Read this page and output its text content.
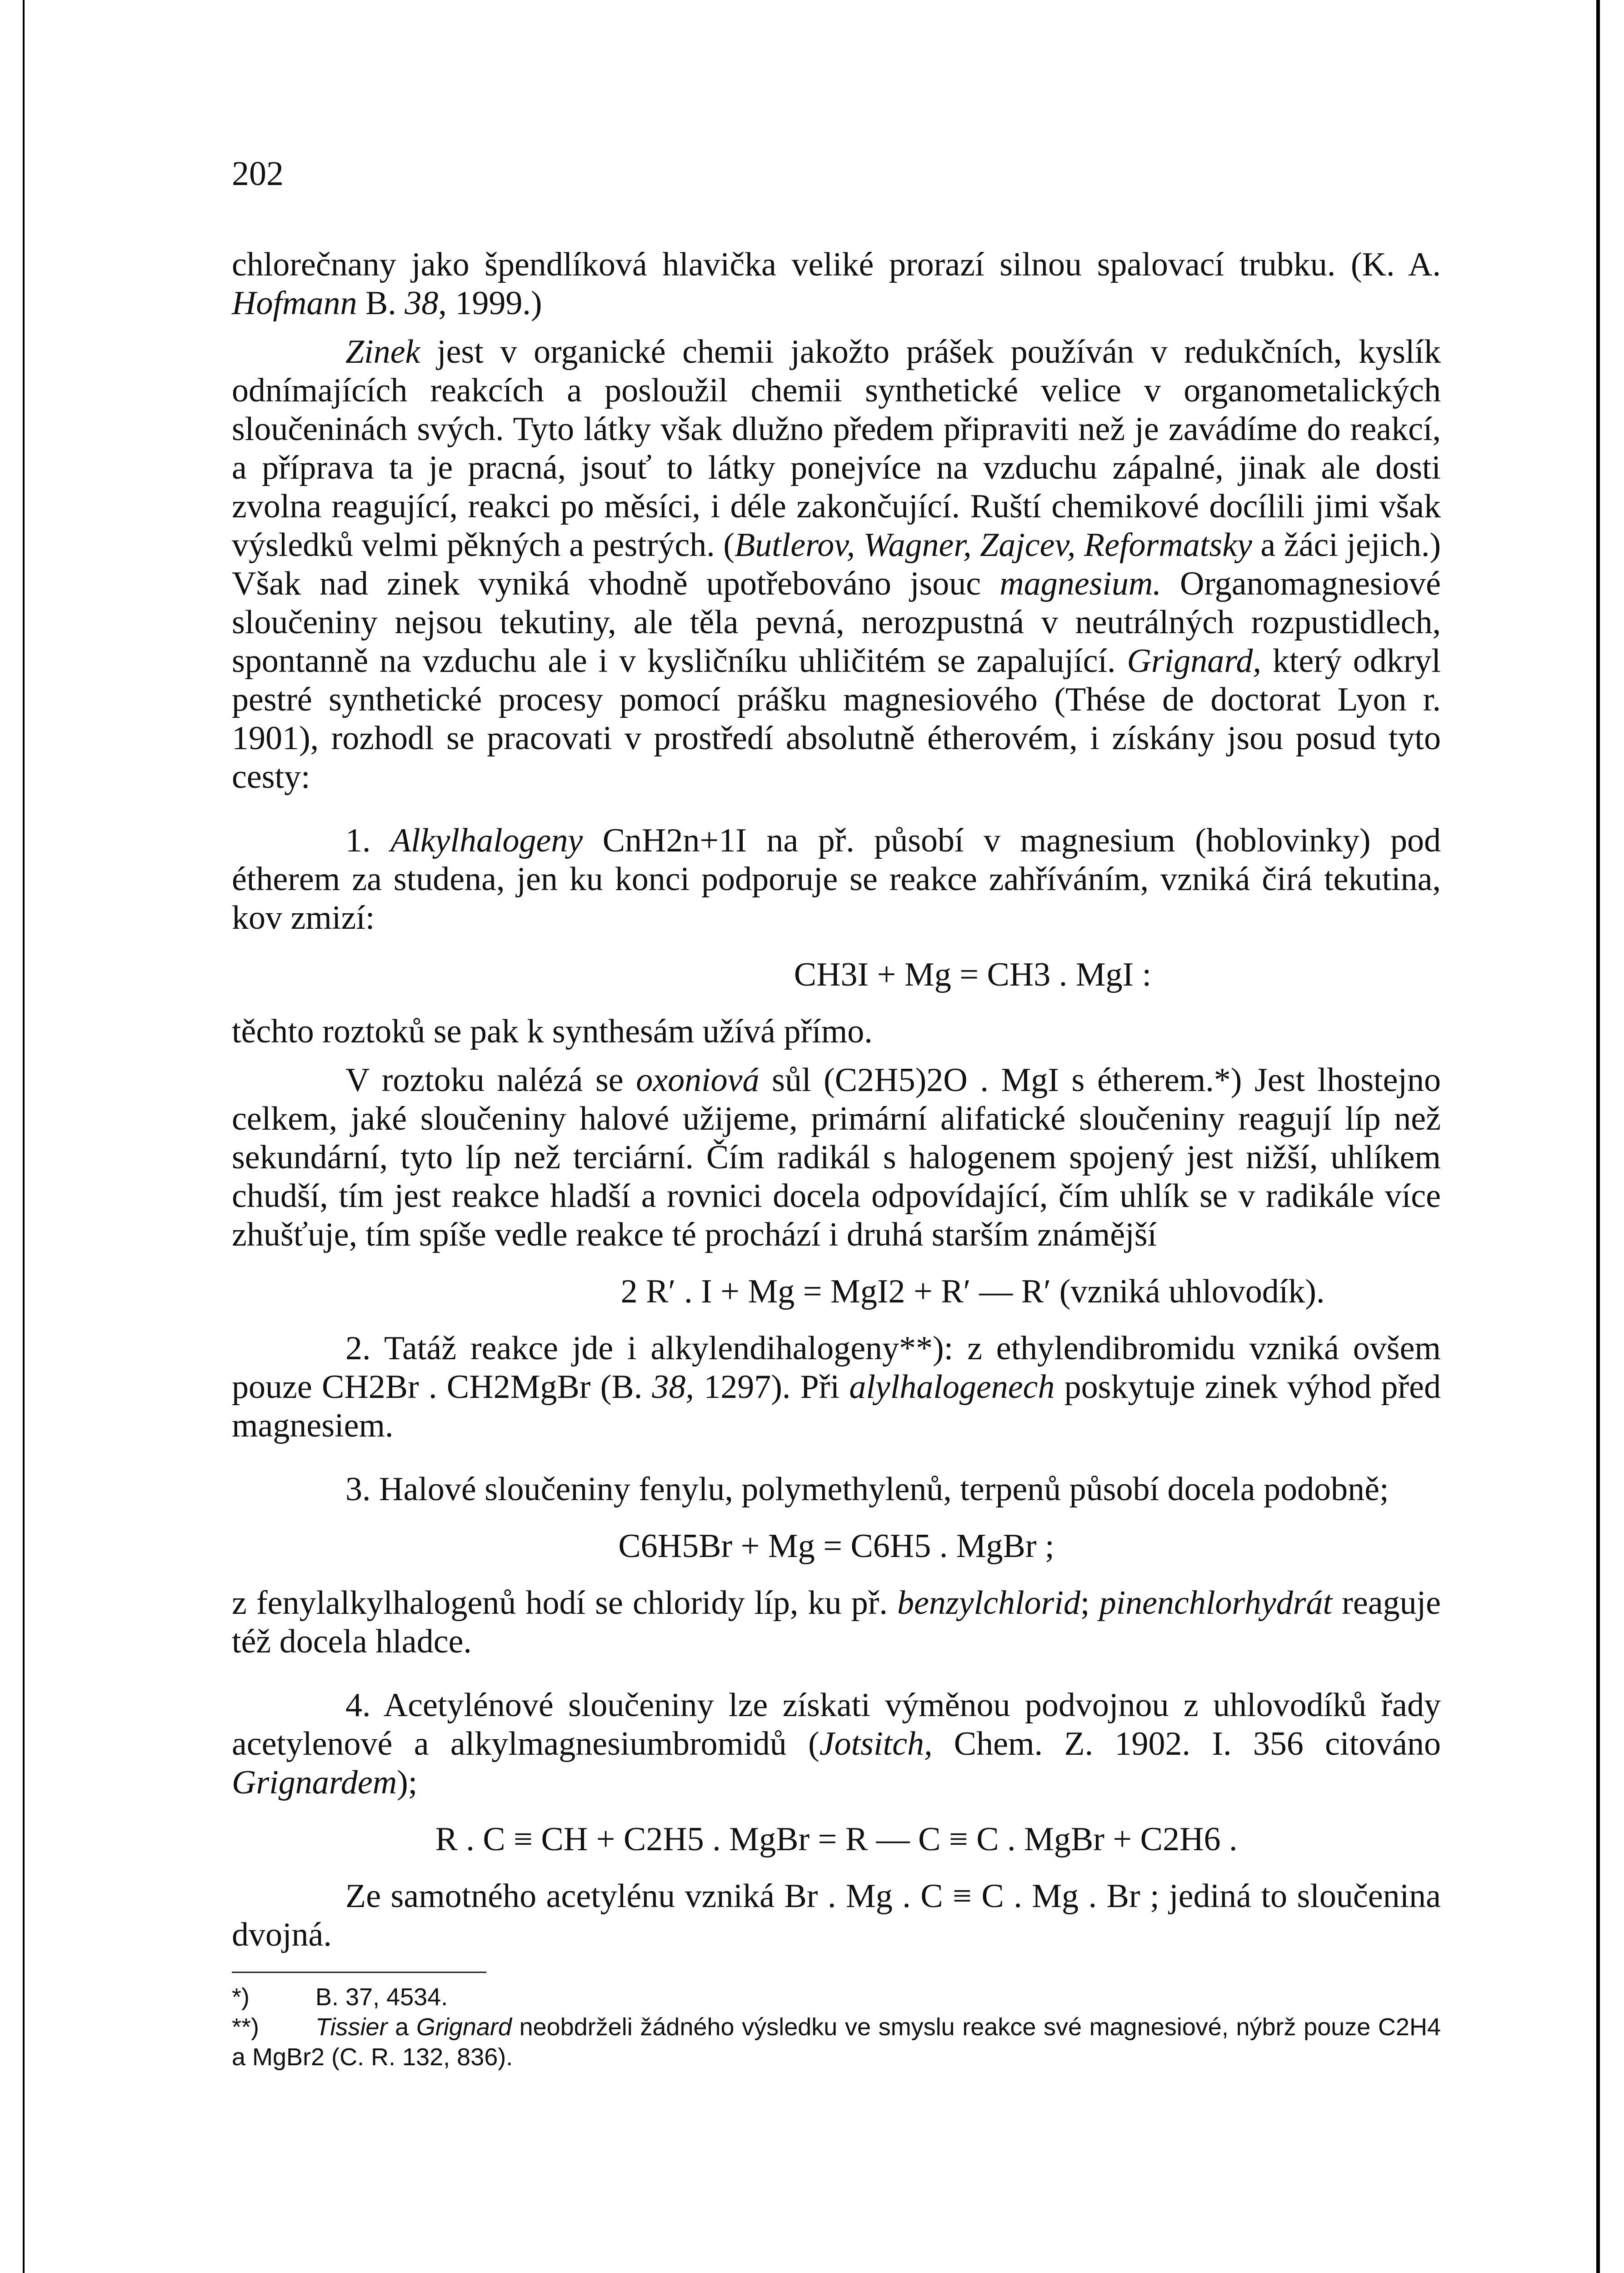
202

chlorečnany jako špendlíková hlavička veliké prorazí silnou spalovací trubku. (K. A. Hofmann B. 38, 1999.)

Zinek jest v organické chemii jakožto prášek používán v redukčních, kyslík odnímajících reakcích a posloužil chemii synthetické velice v organometalických sloučeninách svých. Tyto látky však dlužno předem připraviti než je zavádíme do reakcí, a příprava ta je pracná, jsouť to látky ponejvíce na vzduchu zápalné, jinak ale dosti zvolna reagující, reakci po měsíci, i déle zakončující. Ruští chemikové docílili jimi však výsledků velmi pěkných a pestrých. (Butlerov, Wagner, Zajcev, Reformatsky a žáci jejich.) Však nad zinek vyniká vhodně upotřebováno jsouc magnesium. Organomagnesiové sloučeniny nejsou tekutiny, ale těla pevná, nerozpustná v neutrálných rozpustidlech, spontanně na vzduchu ale i v kysličníku uhličitém se zapalující. Grignard, který odkryl pestré synthetické procesy pomocí prášku magnesiového (Thése de doctorat Lyon r. 1901), rozhodl se pracovati v prostředí absolutně étherovém, i získány jsou posud tyto cesty:

1. Alkylhalogeny CnH2n+1I na př. působí v magnesium (hoblovinky) pod étherem za studena, jen ku konci podporuje se reakce zahříváním, vzniká čirá tekutina, kov zmizí:

CH3I + Mg = CH3 . MgI :

těchto roztoků se pak k synthesám užívá přímo.

V roztoku nalézá se oxoniová sůl (C2H5)2O . MgI s étherem.*) Jest lhostejno celkem, jaké sloučeniny halové užijeme, primární alifatické sloučeniny reagují líp než sekundární, tyto líp než terciární. Čím radikál s halogenem spojený jest nižší, uhlíkem chudší, tím jest reakce hladší a rovnici docela odpovídající, čím uhlík se v radikále více zhušťuje, tím spíše vedle reakce té prochází i druhá starším známější

2 R′ . I + Mg = MgI2 + R′ — R′ (vzniká uhlovodík).

2. Tatáž reakce jde i alkylendihalogeny**): z ethylendibromidu vzniká ovšem pouze CH2Br . CH2MgBr (B. 38, 1297). Při alylhalogenech poskytuje zinek výhod před magnesiem.

3. Halové sloučeniny fenylu, polymethylenů, terpenů působí docela podobně;

C6H5Br + Mg = C6H5 . MgBr ;

z fenylalkylhalogenů hodí se chloridy líp, ku př. benzylchlorid; pinenchlorhydrát reaguje též docela hladce.

4. Acetylénové sloučeniny lze získati výměnou podvojnou z uhlovodíků řady acetylenové a alkylmagnesiumbromidů (Jotsitch, Chem. Z. 1902. I. 356 citováno Grignardem);

R . C ≡ CH + C2H5 . MgBr = R — C ≡ C . MgBr + C2H6 .

Ze samotného acetylénu vzniká Br . Mg . C ≡ C . Mg . Br ; jediná to sloučenina dvojná.

*)	B. 37, 4534.

**) Tissier a Grignard neobdrželi žádného výsledku ve smyslu reakce své magnesiové, nýbrž pouze C2H4 a MgBr2 (C. R. 132, 836).
